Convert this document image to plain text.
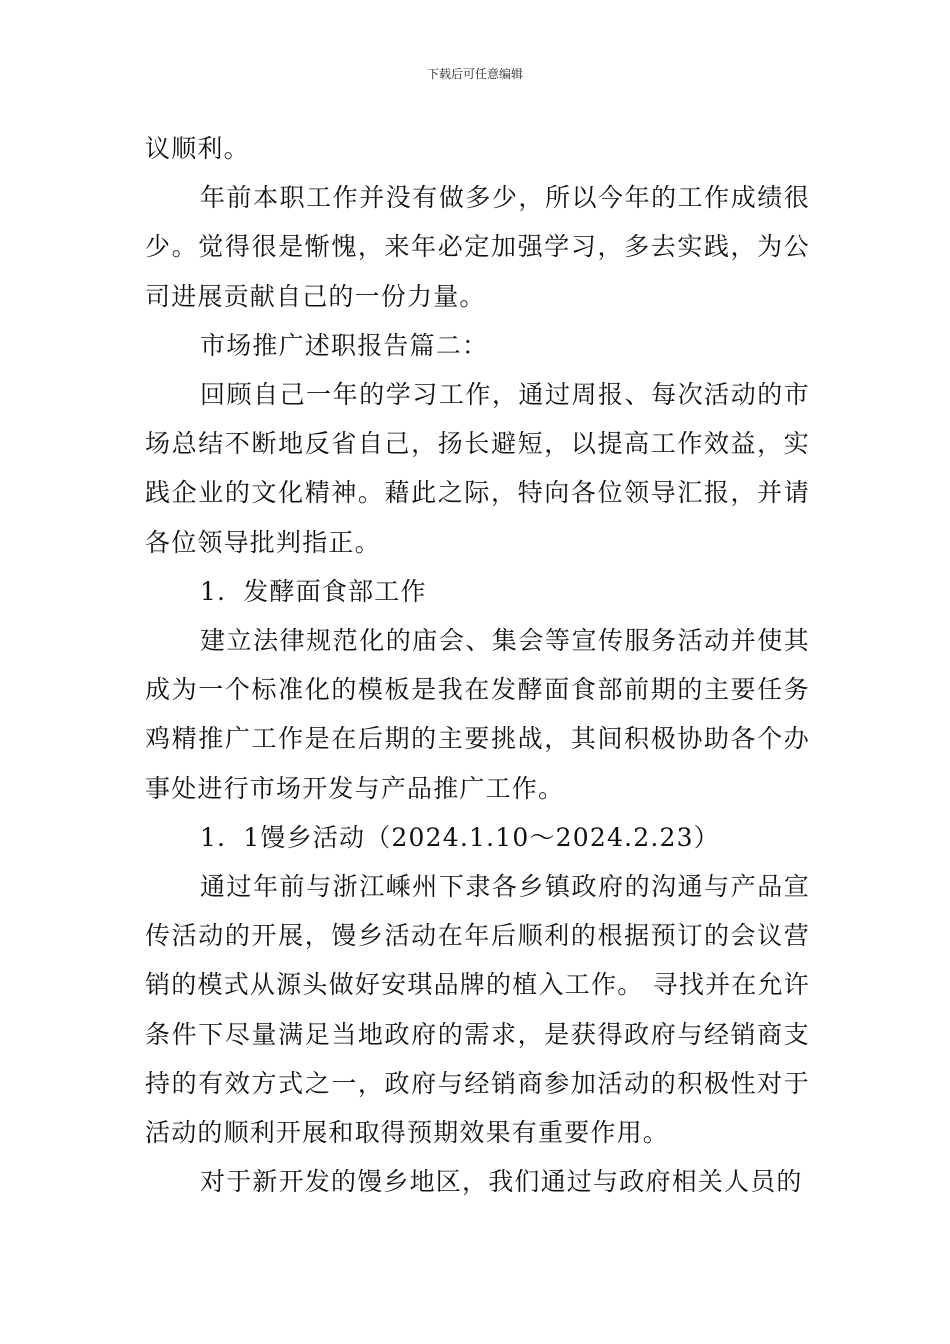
下载后可任意编辑

议顺利。

年前本职工作并没有做多少，所以今年的工作成绩很少。觉得很是惭愧，来年必定加强学习，多去实践，为公司进展贡献自己的一份力量。

市场推广述职报告篇二：

回顾自己一年的学习工作，通过周报、每次活动的市场总结不断地反省自己，扬长避短，以提高工作效益，实践企业的文化精神。藉此之际，特向各位领导汇报，并请各位领导批判指正。

1．发酵面食部工作

建立法律规范化的庙会、集会等宣传服务活动并使其成为一个标准化的模板是我在发酵面食部前期的主要任务鸡精推广工作是在后期的主要挑战，其间积极协助各个办事处进行市场开发与产品推广工作。

1．1馒乡活动（2024.1.10～2024.2.23）

通过年前与浙江嵊州下隶各乡镇政府的沟通与产品宣传活动的开展，馒乡活动在年后顺利的根据预订的会议营销的模式从源头做好安琪品牌的植入工作。 寻找并在允许条件下尽量满足当地政府的需求，是获得政府与经销商支持的有效方式之一，政府与经销商参加活动的积极性对于活动的顺利开展和取得预期效果有重要作用。

对于新开发的馒乡地区，我们通过与政府相关人员的
